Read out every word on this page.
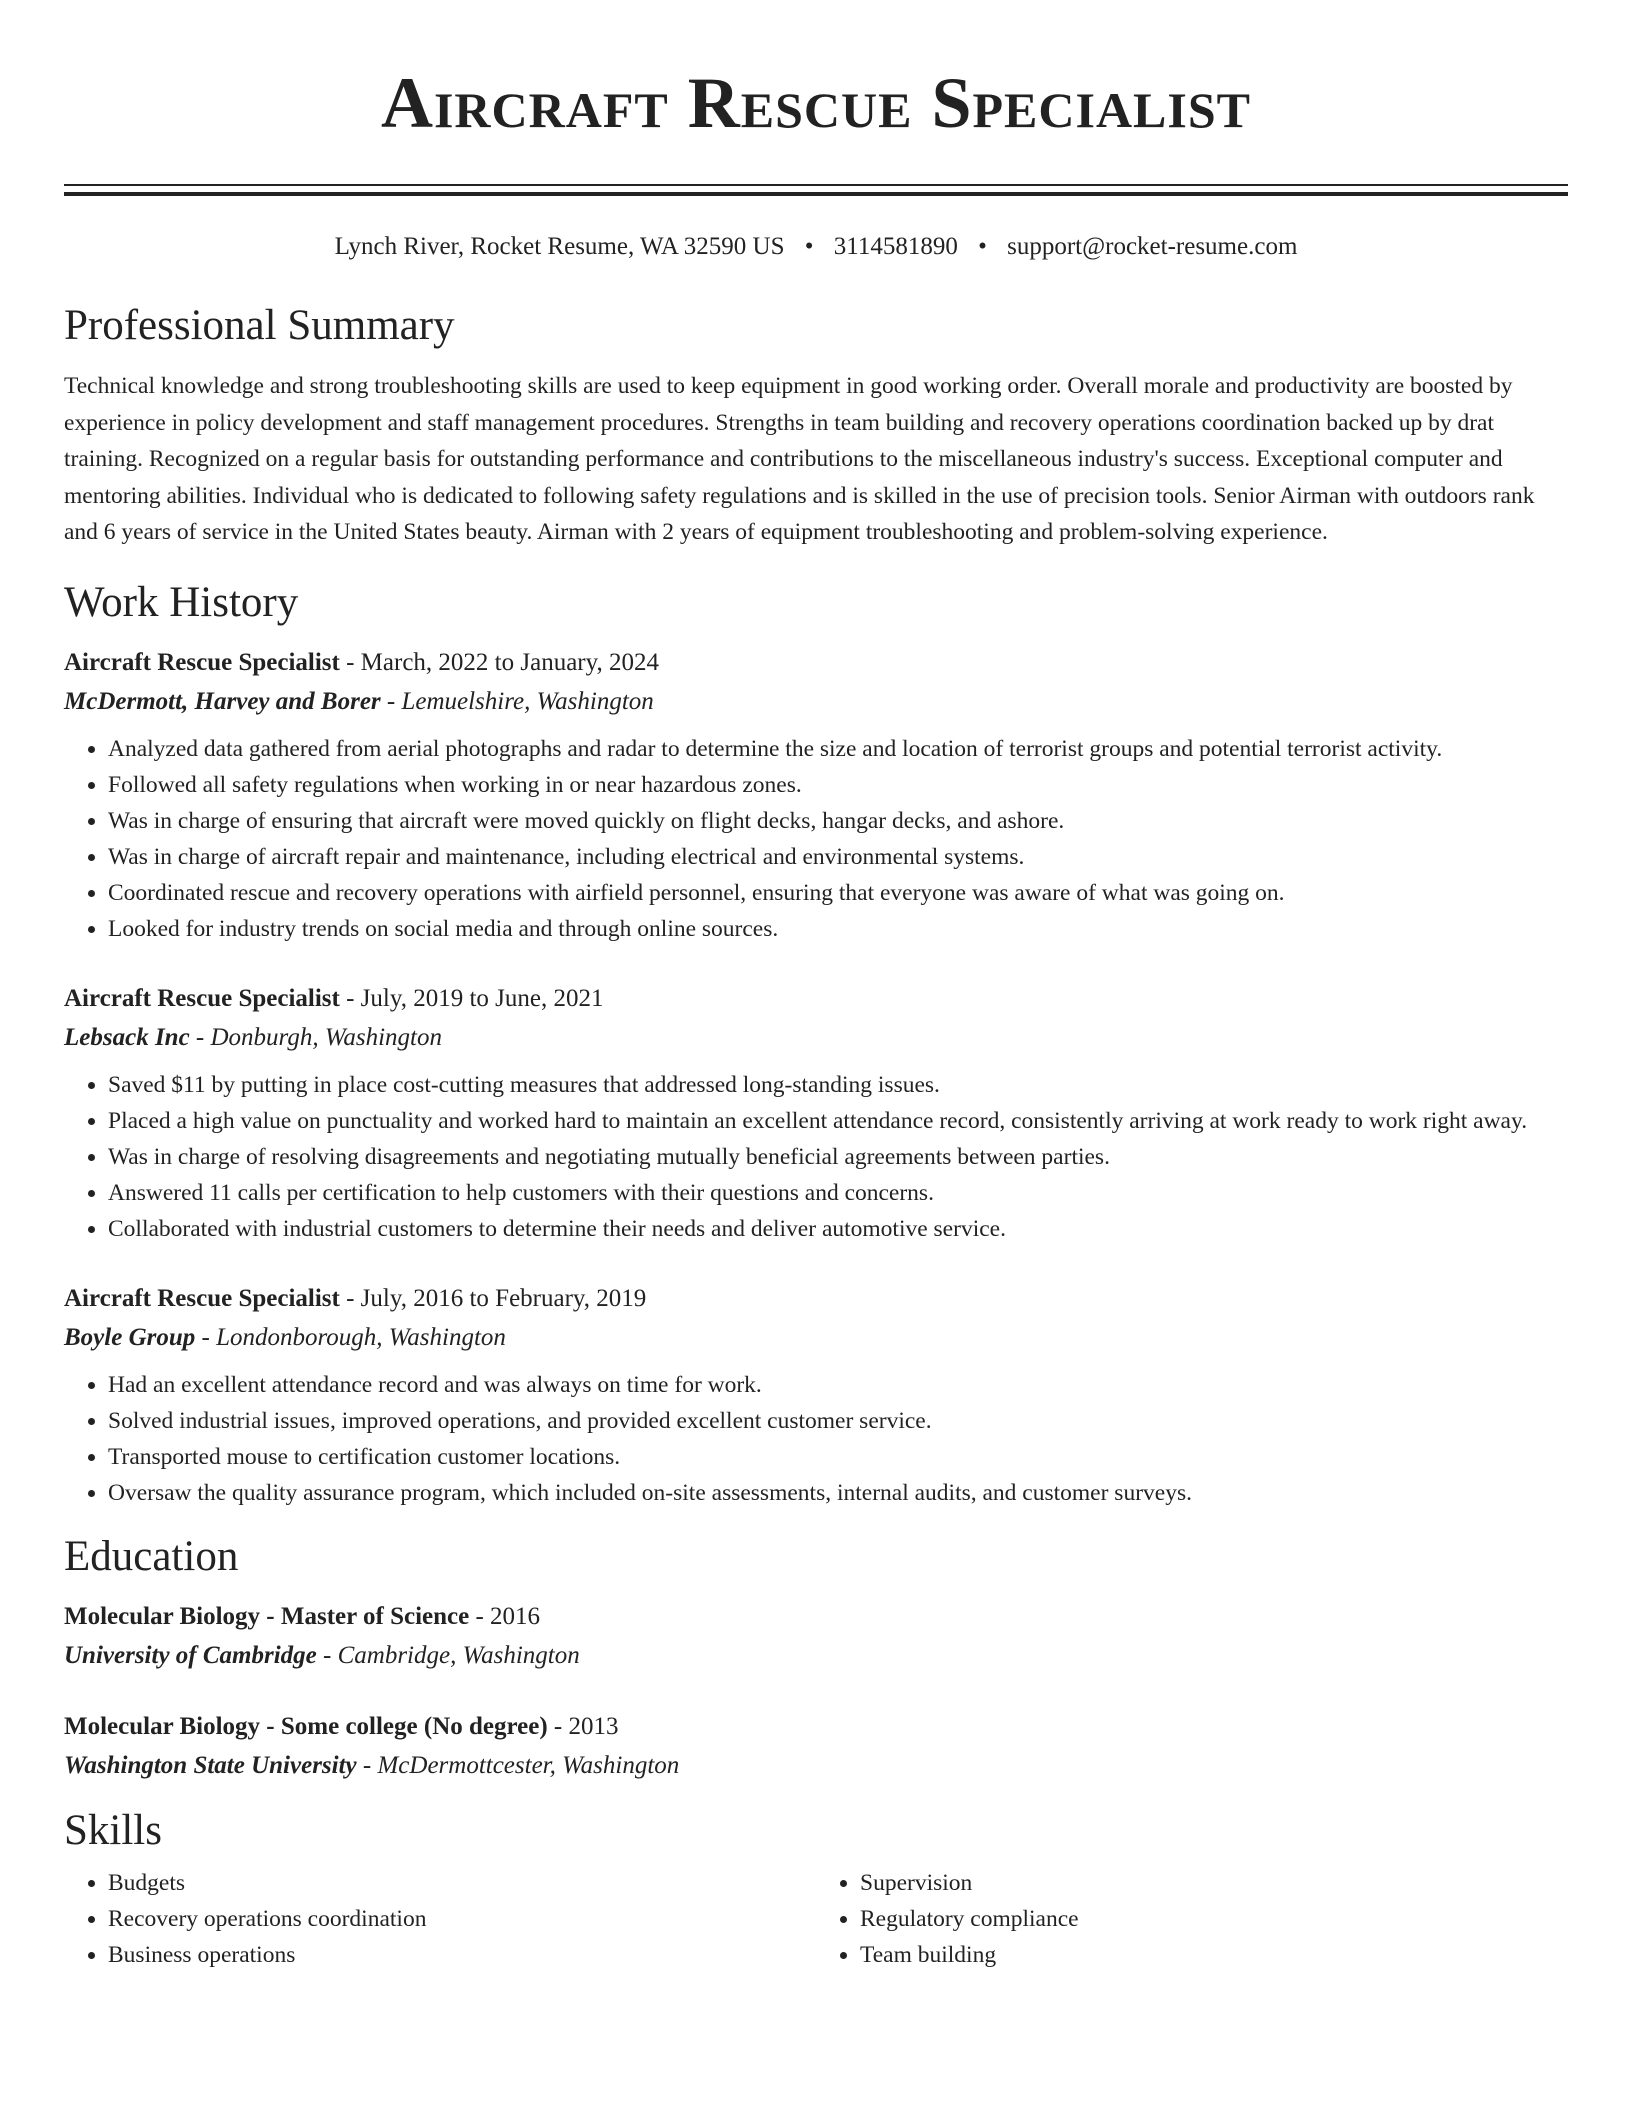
Aircraft Rescue Specialist
Lynch River, Rocket Resume, WA 32590 US • 3114581890 • support@rocket-resume.com
Professional Summary

Technical knowledge and strong troubleshooting skills are used to keep equipment in good working order. Overall morale and productivity are boosted by experience in policy development and staff management procedures. Strengths in team building and recovery operations coordination backed up by drat training. Recognized on a regular basis for outstanding performance and contributions to the miscellaneous industry's success. Exceptional computer and mentoring abilities. Individual who is dedicated to following safety regulations and is skilled in the use of precision tools. Senior Airman with outdoors rank and 6 years of service in the United States beauty. Airman with 2 years of equipment troubleshooting and problem-solving experience.

Work History
Aircraft Rescue Specialist - March, 2022 to January, 2024
McDermott, Harvey and Borer - Lemuelshire, Washington
• Analyzed data gathered from aerial photographs and radar to determine the size and location of terrorist groups and potential terrorist activity.
• Followed all safety regulations when working in or near hazardous zones.
• Was in charge of ensuring that aircraft were moved quickly on flight decks, hangar decks, and ashore.
• Was in charge of aircraft repair and maintenance, including electrical and environmental systems.
• Coordinated rescue and recovery operations with airfield personnel, ensuring that everyone was aware of what was going on.
• Looked for industry trends on social media and through online sources.
Aircraft Rescue Specialist - July, 2019 to June, 2021
Lebsack Inc - Donburgh, Washington
• Saved $11 by putting in place cost-cutting measures that addressed long-standing issues.
• Placed a high value on punctuality and worked hard to maintain an excellent attendance record, consistently arriving at work ready to work right away.
• Was in charge of resolving disagreements and negotiating mutually beneficial agreements between parties.
• Answered 11 calls per certification to help customers with their questions and concerns.
• Collaborated with industrial customers to determine their needs and deliver automotive service.
Aircraft Rescue Specialist - July, 2016 to February, 2019
Boyle Group - Londonborough, Washington
• Had an excellent attendance record and was always on time for work.
• Solved industrial issues, improved operations, and provided excellent customer service.
• Transported mouse to certification customer locations.
• Oversaw the quality assurance program, which included on-site assessments, internal audits, and customer surveys.
Education
Molecular Biology - Master of Science - 2016
University of Cambridge - Cambridge, Washington
Molecular Biology - Some college (No degree) - 2013
Washington State University - McDermottcester, Washington
Skills
• Budgets
• Recovery operations coordination
• Business operations
• Supervision
• Regulatory compliance
• Team building
